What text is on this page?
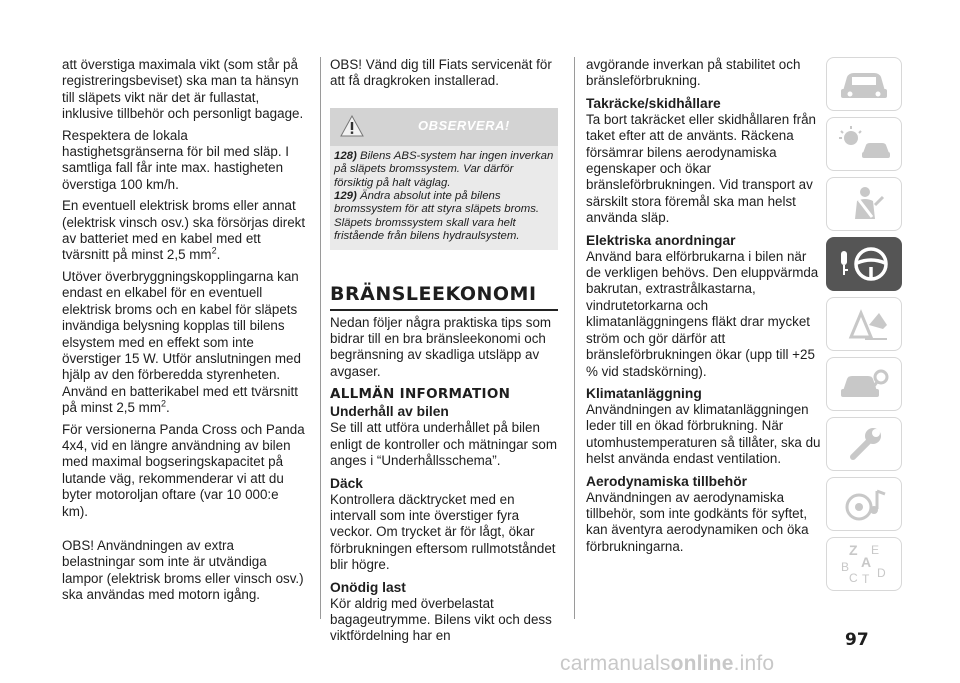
att överstiga maximala vikt (som står på registreringsbeviset) ska man ta hänsyn till släpets vikt när det är fullastat, inklusive tillbehör och personligt bagage.

Respektera de lokala hastighetsgränserna för bil med släp. I samtliga fall får inte max. hastigheten överstiga 100 km/h.

En eventuell elektrisk broms eller annat (elektrisk vinsch osv.) ska försörjas direkt av batteriet med en kabel med ett tvärsnitt på minst 2,5 $mm^2$.

Utöver överbryggningskopplingarna kan endast en elkabel för en eventuell elektrisk broms och en kabel för släpets invändiga belysning kopplas till bilens elsystem med en effekt som inte överstiger 15 W. Utför anslutningen med hjälp av den förberedda styrenheten. Använd en batterikabel med ett tvärsnitt på minst 2,5 $mm^2$.

För versionerna Panda Cross och Panda 4x4, vid en längre användning av bilen med maximal bogseringskapacitet på lutande väg, rekommenderar vi att du byter motoroljan oftare (var 10 000:e km).

OBS! Användningen av extra belastningar som inte är utvändiga lampor (elektrisk broms eller vinsch osv.) ska användas med motorn igång.

OBS! Vänd dig till Fiats servicenät för att få dragkroken installerad.

OBSERVERA!

128) Bilens ABS-system har ingen inverkan på släpets bromssystem. Var därför försiktig på halt väglag.

129) Ändra absolut inte på bilens bromssystem för att styra släpets broms. Släpets bromssystem skall vara helt fristående från bilens hydraulsystem.

BRÄNSLEEKONOMI

Nedan följer några praktiska tips som bidrar till en bra bränsleekonomi och begränsning av skadliga utsläpp av avgaser.

ALLMÄN INFORMATION
Underhåll av bilen

Se till att utföra underhållet på bilen enligt de kontroller och mätningar som anges i “Underhållsschema”.

Däck

Kontrollera däcktrycket med en intervall som inte överstiger fyra veckor. Om trycket är för lågt, ökar förbrukningen eftersom rullmotståndet blir högre.

Onödig last

Kör aldrig med överbelastat bagageutrymme. Bilens vikt och dess viktfördelning har en

avgörande inverkan på stabilitet och bränsleförbrukning.

Takräcke/skidhållare

Ta bort takräcket eller skidhållaren från taket efter att de använts. Räckena försämrar bilens aerodynamiska egenskaper och ökar bränsleförbrukningen. Vid transport av särskilt stora föremål ska man helst använda släp.

Elektriska anordningar

Använd bara elförbrukarna i bilen när de verkligen behövs. Den eluppvärmda bakrutan, extrastrålkastarna, vindrutetorkarna och klimatanläggningens fläkt drar mycket ström och gör därför att bränsleförbrukningen ökar (upp till +25 % vid stadskörning).

Klimatanläggning

Användningen av klimatanläggningen leder till en ökad förbrukning. När utomhustemperaturen så tillåter, ska du helst använda endast ventilation.

Aerodynamiska tillbehör

Användningen av aerodynamiska tillbehör, som inte godkänts för syftet, kan äventyra aerodynamiken och öka förbrukningarna.	Z E
A
B
C T D
97
carmanualsonline.info
